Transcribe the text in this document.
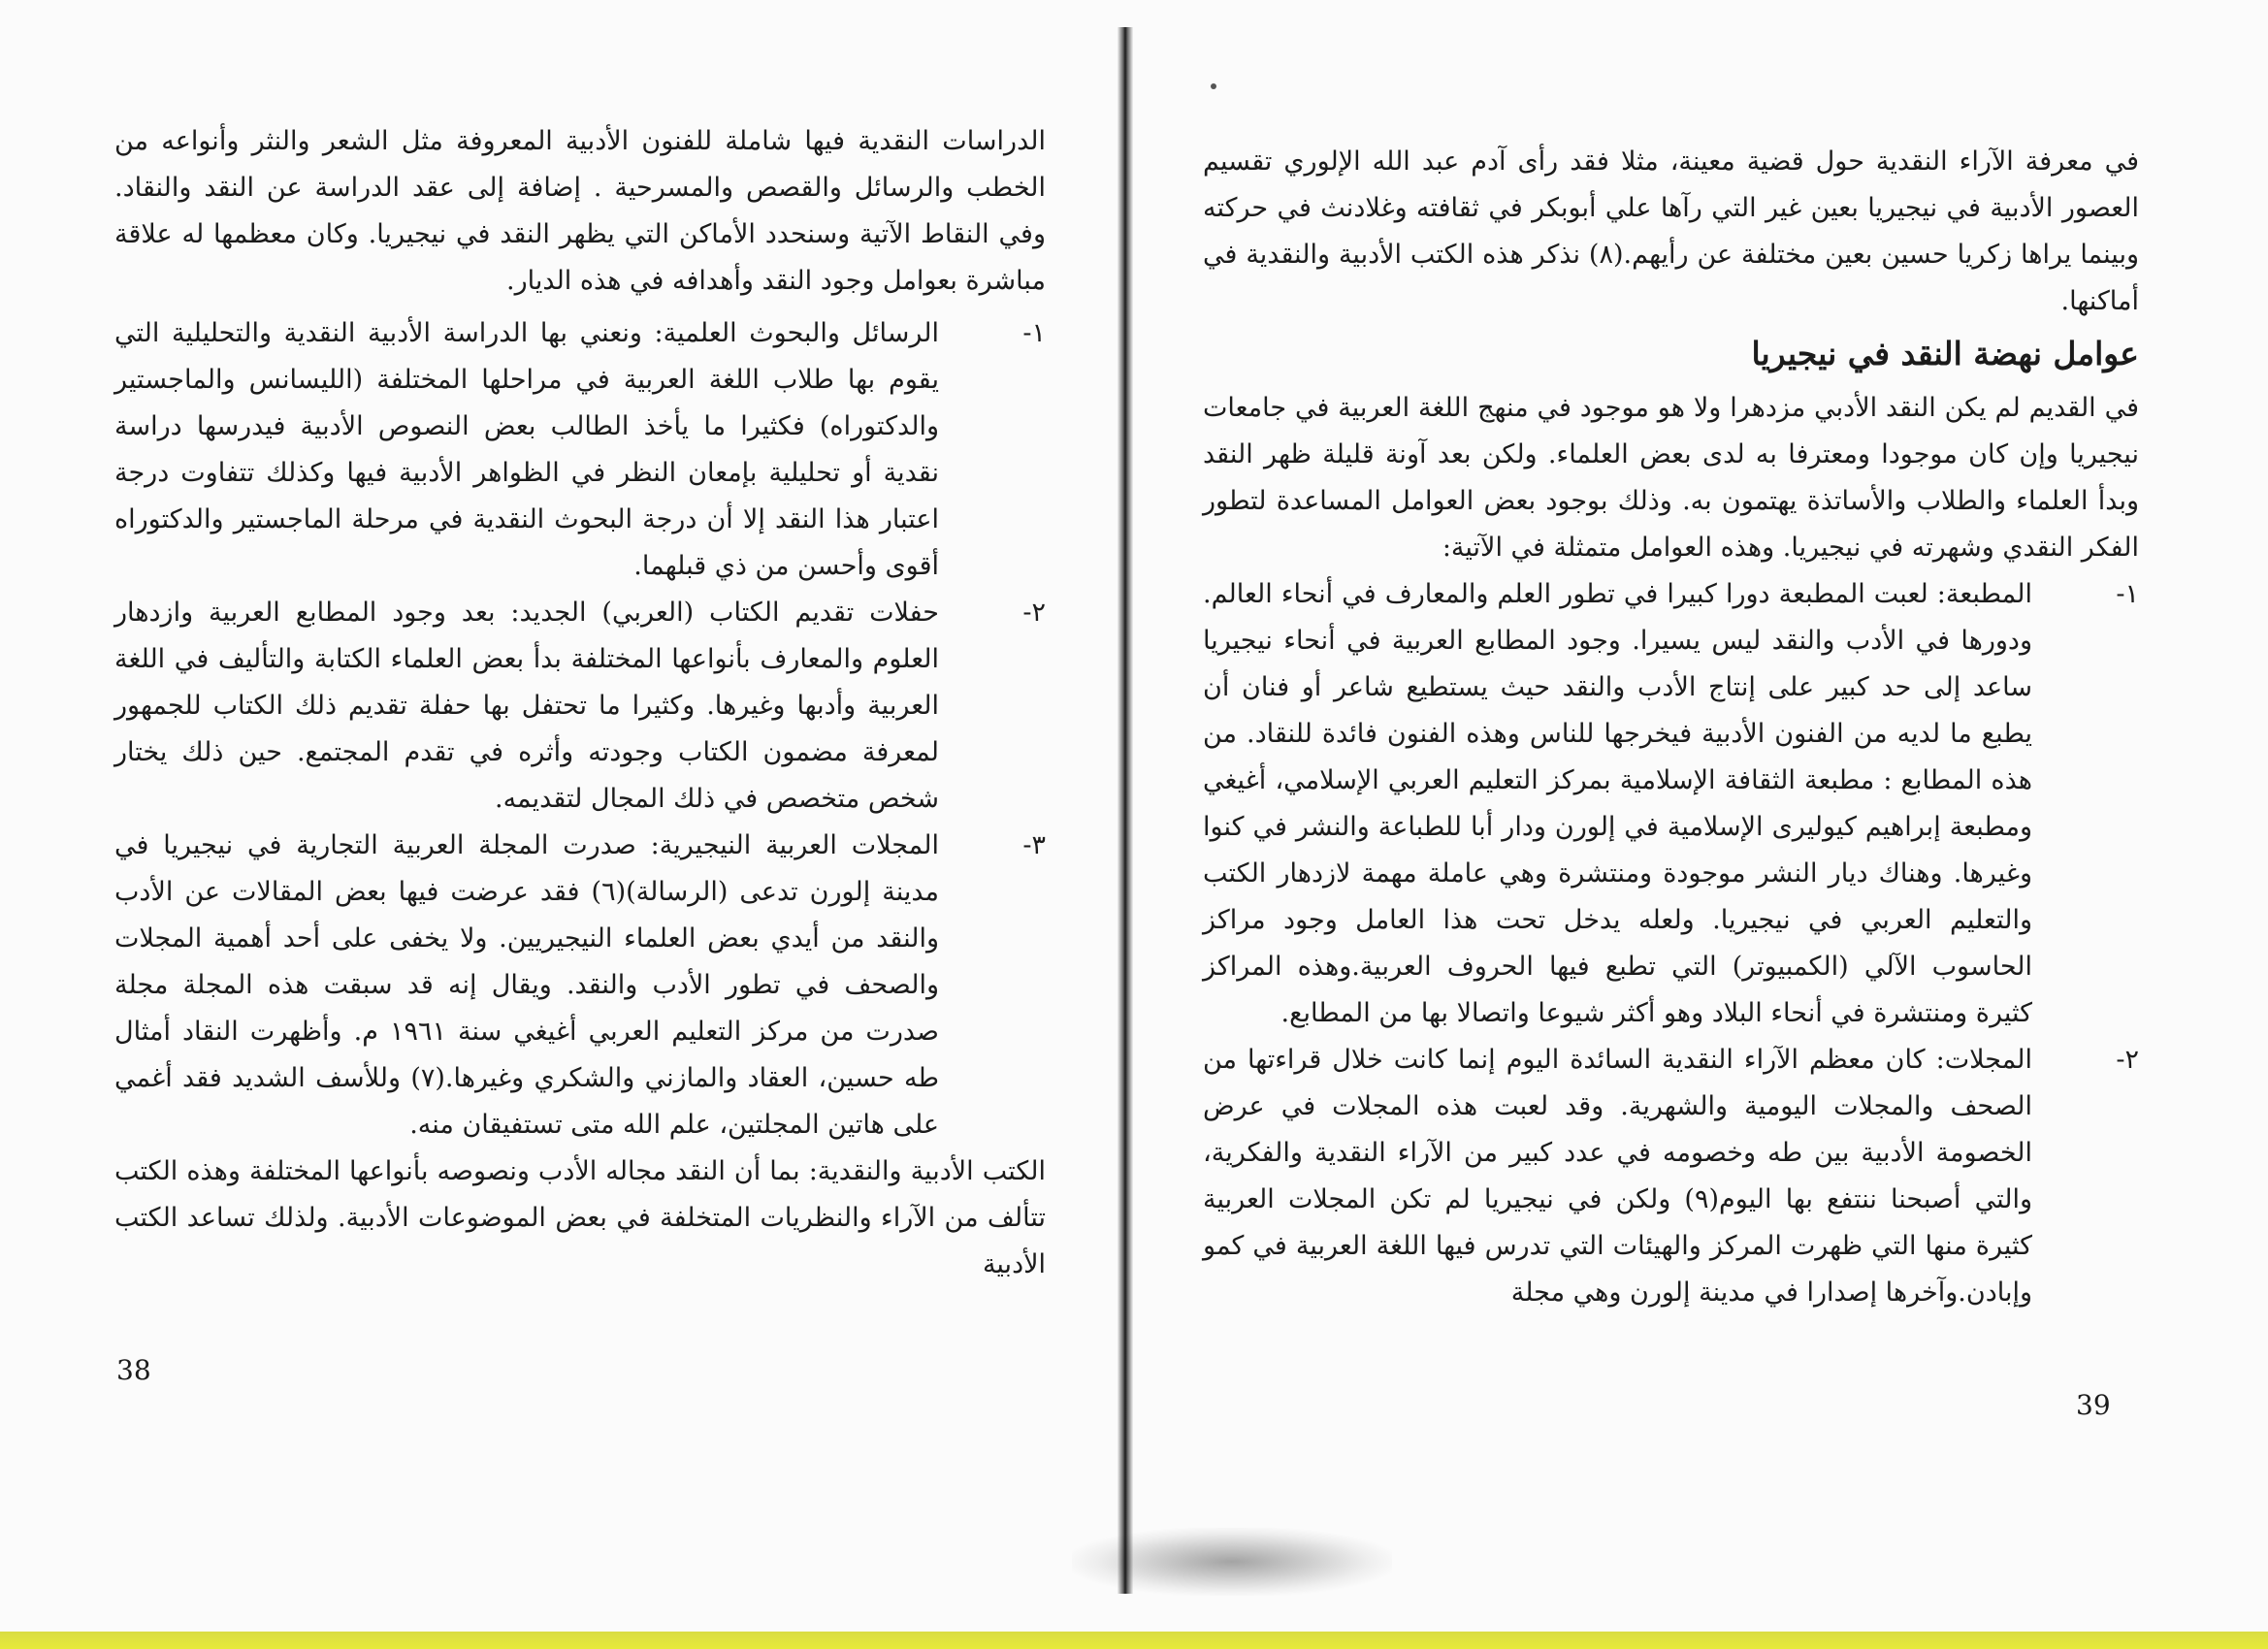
الدراسات النقدية فيها شاملة للفنون الأدبية المعروفة مثل الشعر والنثر وأنواعه من الخطب والرسائل والقصص والمسرحية . إضافة إلى عقد الدراسة عن النقد والنقاد. وفي النقاط الآتية وسنحدد الأماكن التي يظهر النقد في نيجيريا. وكان معظمها له علاقة مباشرة بعوامل وجود النقد وأهدافه في هذه الديار.

١-

الرسائل والبحوث العلمية: ونعني بها الدراسة الأدبية النقدية والتحليلية التي يقوم بها طلاب اللغة العربية في مراحلها المختلفة (الليسانس والماجستير والدكتوراه) فكثيرا ما يأخذ الطالب بعض النصوص الأدبية فيدرسها دراسة نقدية أو تحليلية بإمعان النظر في الظواهر الأدبية فيها وكذلك تتفاوت درجة اعتبار هذا النقد إلا أن درجة البحوث النقدية في مرحلة الماجستير والدكتوراه أقوى وأحسن من ذي قبلهما.

٢-

حفلات تقديم الكتاب (العربي) الجديد: بعد وجود المطابع العربية وازدهار العلوم والمعارف بأنواعها المختلفة بدأ بعض العلماء الكتابة والتأليف في اللغة العربية وأدبها وغيرها. وكثيرا ما تحتفل بها حفلة تقديم ذلك الكتاب للجمهور لمعرفة مضمون الكتاب وجودته وأثره في تقدم المجتمع. حين ذلك يختار شخص متخصص في ذلك المجال لتقديمه.

٣-

المجلات العربية النيجيرية: صدرت المجلة العربية التجارية في نيجيريا في مدينة إلورن تدعى (الرسالة)(٦) فقد عرضت فيها بعض المقالات عن الأدب والنقد من أيدي بعض العلماء النيجيريين. ولا يخفى على أحد أهمية المجلات والصحف في تطور الأدب والنقد. ويقال إنه قد سبقت هذه المجلة مجلة صدرت من مركز التعليم العربي أغيغي سنة ١٩٦١ م. وأظهرت النقاد أمثال طه حسين، العقاد والمازني والشكري وغيرها.(٧) وللأسف الشديد فقد أغمي على هاتين المجلتين، علم الله متى تستفيقان منه.

الكتب الأدبية والنقدية: بما أن النقد مجاله الأدب ونصوصه بأنواعها المختلفة وهذه الكتب تتألف من الآراء والنظريات المتخلفة في بعض الموضوعات الأدبية. ولذلك تساعد الكتب الأدبية

38

في معرفة الآراء النقدية حول قضية معينة، مثلا فقد رأى آدم عبد الله الإلوري تقسيم العصور الأدبية في نيجيريا بعين غير التي رآها علي أبوبكر في ثقافته وغلادنث في حركته وبينما يراها زكريا حسين بعين مختلفة عن رأيهم.(٨) نذكر هذه الكتب الأدبية والنقدية في أماكنها.

عوامل نهضة النقد في نيجيريا

في القديم لم يكن النقد الأدبي مزدهرا ولا هو موجود في منهج اللغة العربية في جامعات نيجيريا وإن كان موجودا ومعترفا به لدى بعض العلماء. ولكن بعد آونة قليلة ظهر النقد وبدأ العلماء والطلاب والأساتذة يهتمون به. وذلك بوجود بعض العوامل المساعدة لتطور الفكر النقدي وشهرته في نيجيريا. وهذه العوامل متمثلة في الآتية:

١-

المطبعة: لعبت المطبعة دورا كبيرا في تطور العلم والمعارف في أنحاء العالم. ودورها في الأدب والنقد ليس يسيرا. وجود المطابع العربية في أنحاء نيجيريا ساعد إلى حد كبير على إنتاج الأدب والنقد حيث يستطيع شاعر أو فنان أن يطبع ما لديه من الفنون الأدبية فيخرجها للناس وهذه الفنون فائدة للنقاد. من هذه المطابع : مطبعة الثقافة الإسلامية بمركز التعليم العربي الإسلامي، أغيغي ومطبعة إبراهيم كيوليرى الإسلامية في إلورن ودار أبا للطباعة والنشر في كنوا وغيرها. وهناك ديار النشر موجودة ومنتشرة وهي عاملة مهمة لازدهار الكتب والتعليم العربي في نيجيريا. ولعله يدخل تحت هذا العامل وجود مراكز الحاسوب الآلي (الكمبيوتر) التي تطبع فيها الحروف العربية.وهذه المراكز كثيرة ومنتشرة في أنحاء البلاد وهو أكثر شيوعا واتصالا بها من المطابع.

٢-

المجلات: كان معظم الآراء النقدية السائدة اليوم إنما كانت خلال قراءتها من الصحف والمجلات اليومية والشهرية. وقد لعبت هذه المجلات في عرض الخصومة الأدبية بين طه وخصومه في عدد كبير من الآراء النقدية والفكرية، والتي أصبحنا ننتفع بها اليوم(٩) ولكن في نيجيريا لم تكن المجلات العربية كثيرة منها التي ظهرت المركز والهيئات التي تدرس فيها اللغة العربية في كمو وإبادن.وآخرها إصدارا في مدينة إلورن وهي مجلة

39
